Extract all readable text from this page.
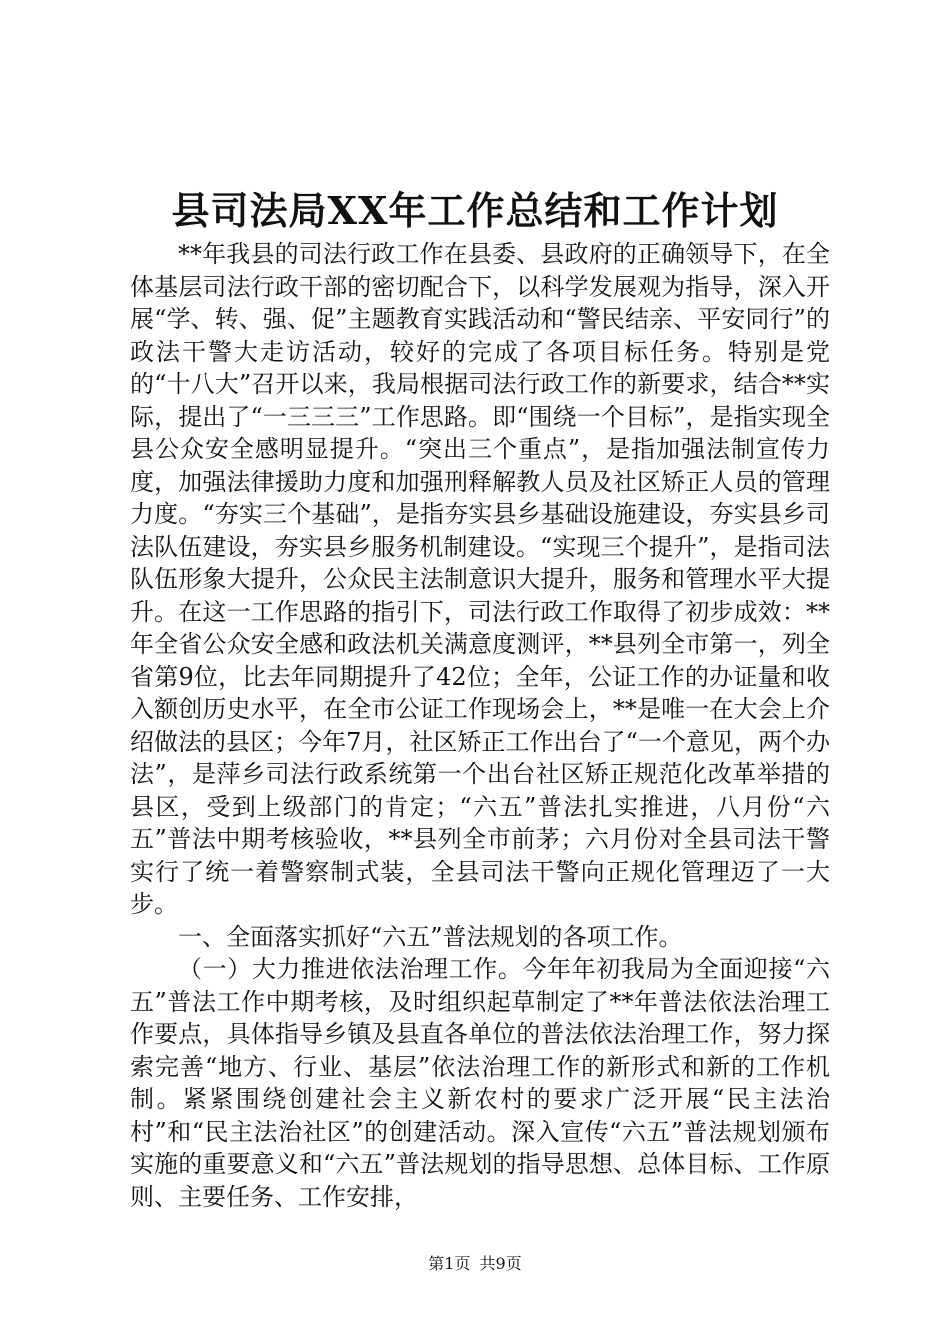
县司法局XX年工作总结和工作计划

**年我县的司法行政工作在县委、县政府的正确领导下，在全体基层司法行政干部的密切配合下，以科学发展观为指导，深入开展“学、转、强、促”主题教育实践活动和“警民结亲、平安同行”的政法干警大走访活动，较好的完成了各项目标任务。特别是党的“十八大”召开以来，我局根据司法行政工作的新要求，结合**实际，提出了“一三三三”工作思路。即“围绕一个目标”，是指实现全县公众安全感明显提升。“突出三个重点”，是指加强法制宣传力度，加强法律援助力度和加强刑释解教人员及社区矫正人员的管理力度。“夯实三个基础”，是指夯实县乡基础设施建设，夯实县乡司法队伍建设，夯实县乡服务机制建设。“实现三个提升”，是指司法队伍形象大提升，公众民主法制意识大提升，服务和管理水平大提升。在这一工作思路的指引下，司法行政工作取得了初步成效：**年全省公众安全感和政法机关满意度测评，**县列全市第一，列全省第9位，比去年同期提升了42位；全年，公证工作的办证量和收入额创历史水平，在全市公证工作现场会上，**是唯一在大会上介绍做法的县区；今年7月，社区矫正工作出台了“一个意见，两个办法”，是萍乡司法行政系统第一个出台社区矫正规范化改革举措的县区，受到上级部门的肯定；“六五”普法扎实推进，八月份“六五”普法中期考核验收，**县列全市前茅；六月份对全县司法干警实行了统一着警察制式装，全县司法干警向正规化管理迈了一大步。

一、全面落实抓好“六五”普法规划的各项工作。

（一）大力推进依法治理工作。今年年初我局为全面迎接“六五”普法工作中期考核，及时组织起草制定了**年普法依法治理工作要点，具体指导乡镇及县直各单位的普法依法治理工作，努力探索完善“地方、行业、基层”依法治理工作的新形式和新的工作机制。紧紧围绕创建社会主义新农村的要求广泛开展“民主法治村”和“民主法治社区”的创建活动。深入宣传“六五”普法规划颁布实施的重要意义和“六五”普法规划的指导思想、总体目标、工作原则、主要任务、工作安排，

第1页 共9页
